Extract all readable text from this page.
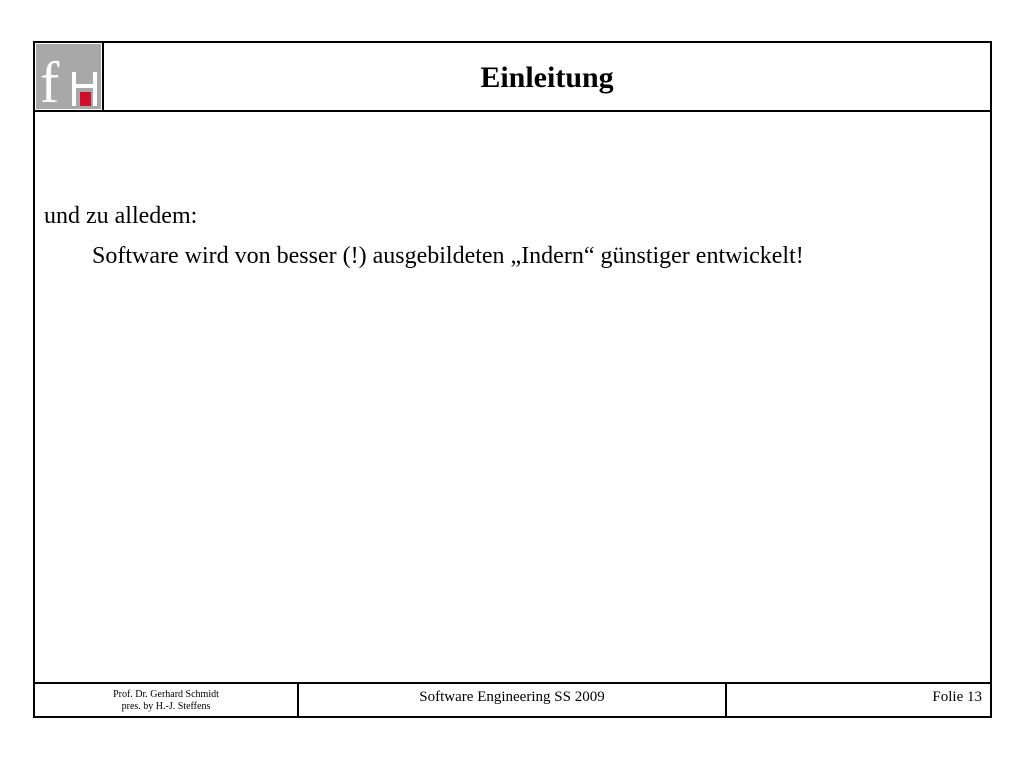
f	Einleitung
und zu alledem:
Software wird von besser (!) ausgebildeten „Indern“ günstiger entwickelt!
Prof. Dr. Gerhard Schmidt
pres. by H.-J. Steffens
Software Engineering SS 2009	Folie 13
